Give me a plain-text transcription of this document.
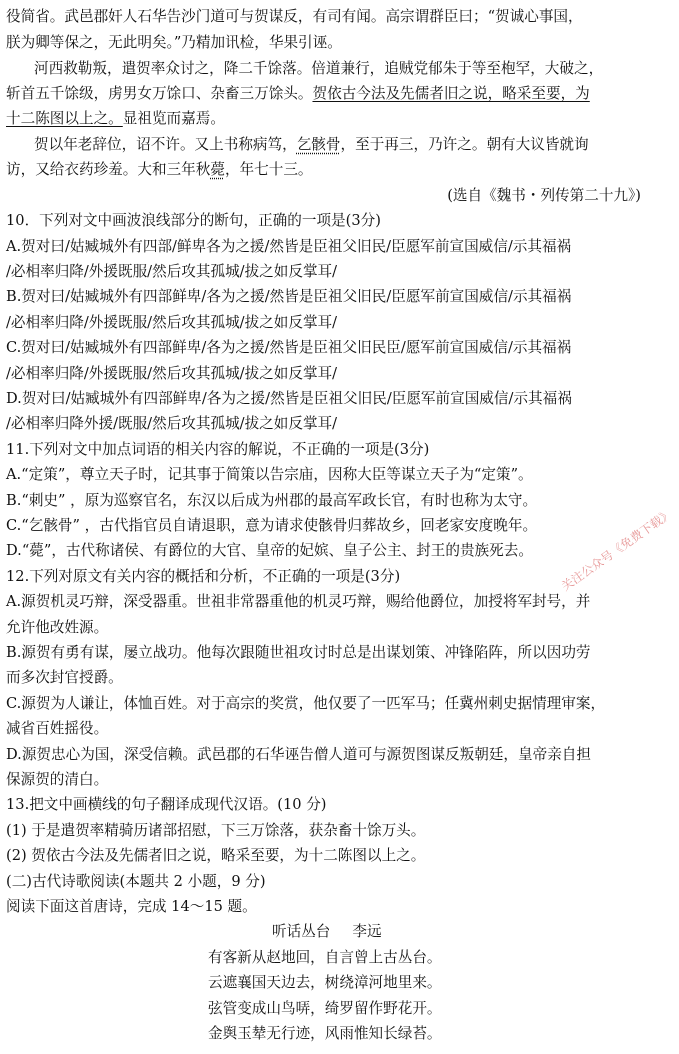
役简省。武邑郡奸人石华告沙门道可与贺谋反，有司有闻。高宗谓群臣曰；“贺诚心事国，
朕为卿等保之，无此明矣。”乃精加讯检，华果引诬。
河西救勒叛，遣贺率众讨之，降二千馀落。倍道兼行，追贼党郁朱于等至枹罕，大破之，
斩首五千馀级，虏男女万馀口、杂畜三万馀头。贺依古今法及先儒者旧之说，略采至要，为
十二陈图以上之。显祖览而嘉焉。
贺以年老辞位，诏不许。又上书称病笃，乞骸骨，至于再三，乃许之。朝有大议皆就询
访，又给衣药珍羞。大和三年秋薨，年七十三。
(选自《魏书・列传第二十九》)
10．下列对文中画波浪线部分的断句，正确的一项是(3分)
A.贺对曰/姑臧城外有四部/鲜卑各为之援/然皆是臣祖父旧民/臣愿军前宣国威信/示其福祸
/必相率归降/外援既服/然后攻其孤城/拔之如反掌耳/
B.贺对曰/姑臧城外有四部鲜卑/各为之援/然皆是臣祖父旧民/臣愿军前宣国威信/示其福祸
/必相率归降/外援既服/然后攻其孤城/拔之如反掌耳/
C.贺对曰/姑臧城外有四部鲜卑/各为之援/然皆是臣祖父旧民臣/愿军前宣国威信/示其福祸
/必相率归降/外援既服/然后攻其孤城/拔之如反掌耳/
D.贺对曰/姑臧城外有四部鲜卑/各为之援/然皆是臣祖父旧民/臣愿军前宣国威信/示其福祸
/必相率归降外援/既服/然后攻其孤城/拔之如反掌耳/
11.下列对文中加点词语的相关内容的解说，不正确的一项是(3分)
A.“定策”，尊立天子时，记其事于简策以告宗庙，因称大臣等谋立天子为“定策”。
B.“刺史” ，原为巡察官名，东汉以后成为州郡的最高军政长官，有时也称为太守。
C.“乞骸骨” ，古代指官员自请退职，意为请求使骸骨归葬故乡，回老家安度晚年。
D.“薨”，古代称诸侯、有爵位的大官、皇帝的妃嫔、皇子公主、封王的贵族死去。
12.下列对原文有关内容的概括和分析，不正确的一项是(3分)
A.源贺机灵巧辩，深受器重。世祖非常器重他的机灵巧辩，赐给他爵位，加授将军封号，并
允许他改姓源。
B.源贺有勇有谋，屡立战功。他每次跟随世祖攻讨时总是出谋划策、冲锋陷阵，所以因功劳
而多次封官授爵。
C.源贺为人谦让，体恤百姓。对于高宗的奖赏，他仅要了一匹军马；任冀州刺史据情理审案，
减省百姓摇役。
D.源贺忠心为国，深受信赖。武邑郡的石华诬告僧人道可与源贺图谋反叛朝廷，皇帝亲自担
保源贺的清白。
13.把文中画横线的句子翻译成现代汉语。(10 分)
(1) 于是遣贺率精骑历诸部招慰，下三万馀落，获杂畜十馀万头。
(2) 贺依古今法及先儒者旧之说，略采至要，为十二陈图以上之。
(二)古代诗歌阅读(本题共 2 小题，9 分)
阅读下面这首唐诗，完成 14～15 题。
听话丛台 李远
有客新从赵地回，自言曾上古丛台。
云遮襄国天边去，树绕漳河地里来。
弦管变成山鸟哢，绮罗留作野花开。
金舆玉辇无行迹，风雨惟知长绿苔。
关注公众号《免费下载》
